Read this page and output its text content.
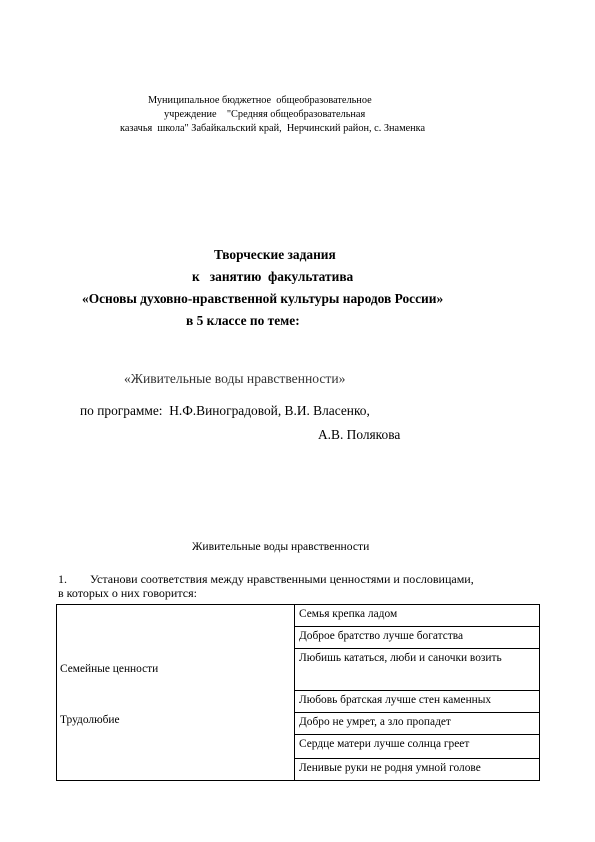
Муниципальное бюджетное  общеобразовательное
учреждение    "Средняя общеобразовательная
казачья  школа" Забайкальский край,  Нерчинский район, с. Знаменка
Творческие задания
к   занятию  факультатива
«Основы духовно-нравственной культуры народов России»
в 5 классе по теме:
«Живительные воды нравственности»
по программе:  Н.Ф.Виноградовой, В.И. Власенко,
А.В. Полякова
Живительные воды нравственности
1. Установи соответствия между нравственными ценностями и пословицами,
в которых о них говорится:
Семейные ценности
Трудолюбие
Семья крепка ладом
Доброе братство лучше богатства
Любишь кататься, люби и саночки возить
Любовь братская лучше стен каменных
Добро не умрет, а зло пропадет
Сердце матери лучше солнца греет
Ленивые руки не родня умной голове
